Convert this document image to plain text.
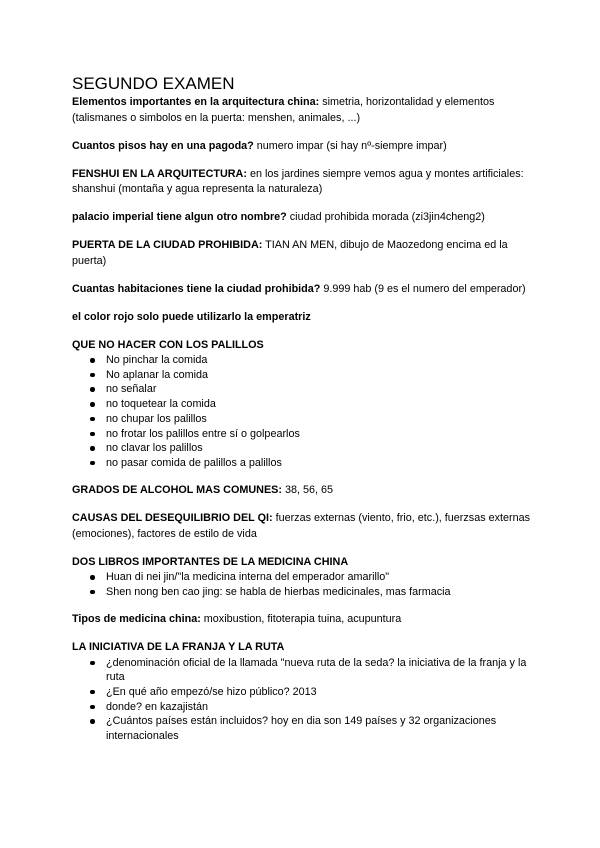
SEGUNDO EXAMEN

Elementos importantes en la arquitectura china: simetria, horizontalidad y elementos (talismanes o simbolos en la puerta: menshen, animales, ...)

Cuantos pisos hay en una pagoda? numero impar (si hay nº-siempre impar)

FENSHUI EN LA ARQUITECTURA: en los jardines siempre vemos agua y montes artificiales: shanshui (montaña y agua representa la naturaleza)

palacio imperial tiene algun otro nombre? ciudad prohibida morada (zi3jin4cheng2)

PUERTA DE LA CIUDAD PROHIBIDA: TIAN AN MEN, dibujo de Maozedong encima ed la puerta)

Cuantas habitaciones tiene la ciudad prohibida? 9.999 hab (9 es el numero del emperador)

el color rojo solo puede utilizarlo la emperatriz

QUE NO HACER CON LOS PALILLOS
No pinchar la comida
No aplanar la comida
no señalar
no toquetear la comida
no chupar los palillos
no frotar los palillos entre sí o golpearlos
no clavar los palillos
no pasar comida de palillos a palillos

GRADOS DE ALCOHOL MAS COMUNES: 38, 56, 65

CAUSAS DEL DESEQUILIBRIO DEL QI: fuerzas externas (viento, frio, etc.), fuerzsas externas (emociones), factores de estilo de vida

DOS LIBROS IMPORTANTES DE LA MEDICINA CHINA
Huan di nei jin/"la medicina interna del emperador amarillo"
Shen nong ben cao jing: se habla de hierbas medicinales, mas farmacia

Tipos de medicina china: moxibustion, fitoterapia tuina, acupuntura

LA INICIATIVA DE LA FRANJA Y LA RUTA
¿denominación oficial de la llamada "nueva ruta de la seda? la iniciativa de la franja y la ruta
¿En qué año empezó/se hizo público? 2013
donde? en kazajistán
¿Cuántos países están incluidos? hoy en dia son 149 países y 32 organizaciones internacionales
